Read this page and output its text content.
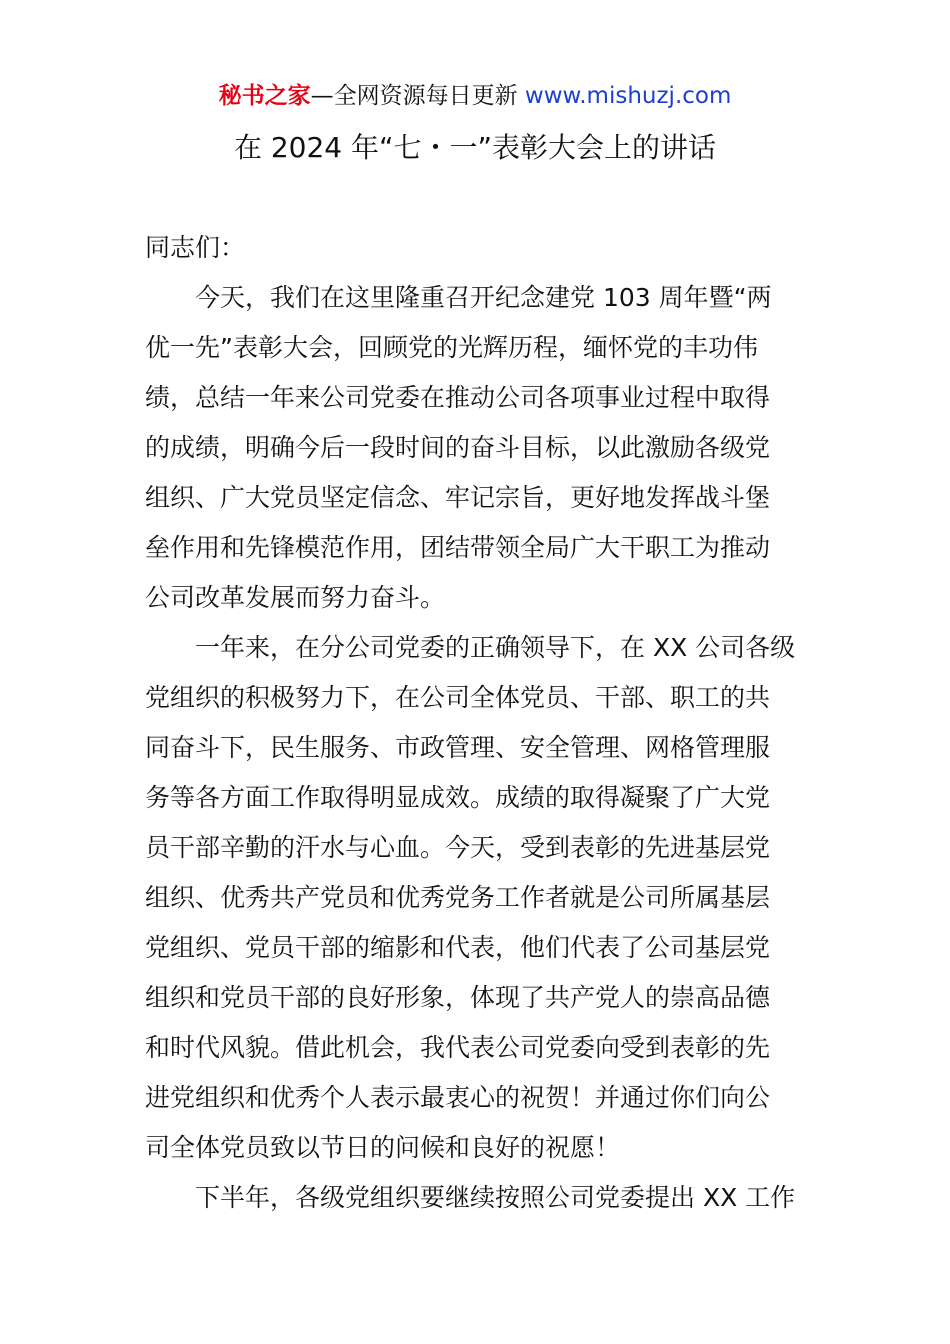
秘书之家—全网资源每日更新 www.mishuzj.com
在 2024 年“七・一”表彰大会上的讲话
同志们：
今天，我们在这里隆重召开纪念建党 103 周年暨“两
优一先”表彰大会，回顾党的光辉历程，缅怀党的丰功伟
绩，总结一年来公司党委在推动公司各项事业过程中取得
的成绩，明确今后一段时间的奋斗目标，以此激励各级党
组织、广大党员坚定信念、牢记宗旨，更好地发挥战斗堡
垒作用和先锋模范作用，团结带领全局广大干职工为推动
公司改革发展而努力奋斗。
一年来，在分公司党委的正确领导下，在 XX 公司各级
党组织的积极努力下，在公司全体党员、干部、职工的共
同奋斗下，民生服务、市政管理、安全管理、网格管理服
务等各方面工作取得明显成效。成绩的取得凝聚了广大党
员干部辛勤的汗水与心血。今天，受到表彰的先进基层党
组织、优秀共产党员和优秀党务工作者就是公司所属基层
党组织、党员干部的缩影和代表，他们代表了公司基层党
组织和党员干部的良好形象，体现了共产党人的崇高品德
和时代风貌。借此机会，我代表公司党委向受到表彰的先
进党组织和优秀个人表示最衷心的祝贺！并通过你们向公
司全体党员致以节日的问候和良好的祝愿！
下半年，各级党组织要继续按照公司党委提出 XX 工作
